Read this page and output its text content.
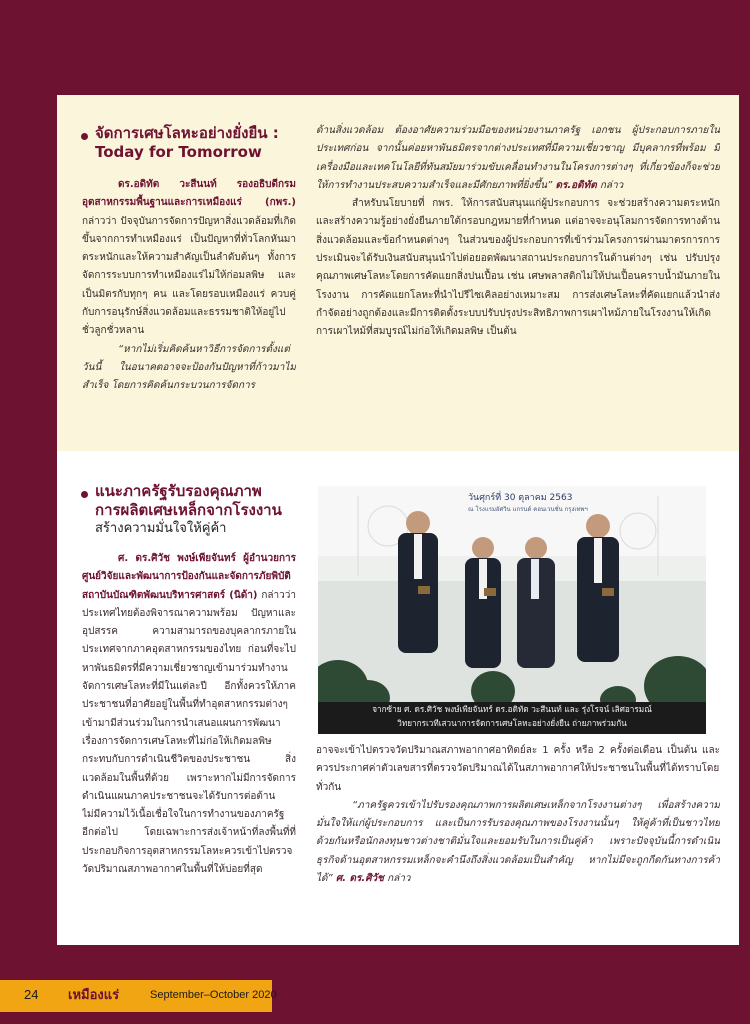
จัดการเศษโลหะอย่างยั่งยืน :
Today for Tomorrow

ดร.อดิทัต วะสีนนท์ รองอธิบดีกรมอุตสาหกรรมพื้นฐานและการเหมืองแร่ (กพร.) กล่าวว่า ปัจจุบันการจัดการปัญหาสิ่งแวดล้อมที่เกิดขึ้นจากการทำเหมืองแร่ เป็นปัญหาที่ทั่วโลกหันมาตระหนักและให้ความสำคัญเป็นลำดับต้นๆ ทั้งการจัดการระบบการทำเหมืองแร่ไม่ให้ก่อมลพิษ และเป็นมิตรกับทุกๆ คน และโดยรอบเหมืองแร่ ควบคู่กับการอนุรักษ์สิ่งแวดล้อมและธรรมชาติให้อยู่ไปชั่วลูกชั่วหลาน

“หากไม่เริ่มคิดค้นหาวิธีการจัดการตั้งแต่วันนี้ ในอนาคตอาจจะป้องกันปัญหาที่ก้าวมาไม่สำเร็จ โดยการคิดค้นกระบวนการจัดการ

ด้านสิ่งแวดล้อม ต้องอาศัยความร่วมมือของหน่วยงานภาครัฐ เอกชน ผู้ประกอบการภายในประเทศก่อน จากนั้นค่อยหาพันธมิตรจากต่างประเทศที่มีความเชี่ยวชาญ มีบุคลากรที่พร้อม มีเครื่องมือและเทคโนโลยีที่ทันสมัยมาร่วมขับเคลื่อนทำงานในโครงการต่างๆ ที่เกี่ยวข้องก็จะช่วยให้การทำงานประสบความสำเร็จและมีศักยภาพที่ยิ่งขึ้น” ดร.อดิทัต กล่าว

สำหรับนโยบายที่ กพร. ให้การสนับสนุนแก่ผู้ประกอบการ จะช่วยสร้างความตระหนักและสร้างความรู้อย่างยั่งยืนภายใต้กรอบกฎหมายที่กำหนด แต่อาจจะอนุโลมการจัดการทางด้านสิ่งแวดล้อมและข้อกำหนดต่างๆ ในส่วนของผู้ประกอบการที่เข้าร่วมโครงการผ่านมาตรการการประเมินจะได้รับเงินสนับสนุนนำไปต่อยอดพัฒนาสถานประกอบการในด้านต่างๆ เช่น ปรับปรุงคุณภาพเศษโลหะโดยการคัดแยกสิ่งปนเปื้อน เช่น เศษพลาสติกไม่ให้ปนเปื้อนคราบน้ำมันภายในโรงงาน การคัดแยกโลหะที่นำไปรีไซเคิลอย่างเหมาะสม การส่งเศษโลหะที่คัดแยกแล้วนำส่งกำจัดอย่างถูกต้องและมีการติดตั้งระบบปรับปรุงประสิทธิภาพการเผาไหม้ภายในโรงงานให้เกิดการเผาไหม้ที่สมบูรณ์ไม่ก่อให้เกิดมลพิษ เป็นต้น

แนะภาครัฐรับรองคุณภาพ
การผลิตเศษเหล็กจากโรงงาน
สร้างความมั่นใจให้คู่ค้า

ศ. ดร.ศิวัช พงษ์เพียจันทร์ ผู้อำนวยการศูนย์วิจัยและพัฒนาการป้องกันและจัดการภัยพิบัติ สถาบันบัณฑิตพัฒนบริหารศาสตร์ (นิด้า) กล่าวว่า ประเทศไทยต้องพิจารณาความพร้อม ปัญหาและอุปสรรค ความสามารถของบุคลากรภายในประเทศจากภาคอุตสาหกรรมของไทย ก่อนที่จะไปหาพันธมิตรที่มีความเชี่ยวชาญเข้ามาร่วมทำงานจัดการเศษโลหะที่มีในแต่ละปี อีกทั้งควรให้ภาคประชาชนที่อาศัยอยู่ในพื้นที่ทำอุตสาหกรรมต่างๆ เข้ามามีส่วนร่วมในการนำเสนอแผนการพัฒนาเรื่องการจัดการเศษโลหะที่ไม่ก่อให้เกิดมลพิษกระทบกับการดำเนินชีวิตของประชาชน สิ่งแวดล้อมในพื้นที่ด้วย เพราะหากไม่มีการจัดการดำเนินแผนภาคประชาชนจะได้รับการต่อต้าน ไม่มีความไว้เนื้อเชื่อใจในการทำงานของภาครัฐอีกต่อไป โดยเฉพาะการส่งเจ้าหน้าที่ลงพื้นที่ที่ประกอบกิจการอุตสาหกรรมโลหะควรเข้าไปตรวจวัดปริมาณสภาพอากาศในพื้นที่ให้บ่อยที่สุด

วันศุกร์ที่ 30 ตุลาคม 2563
ณ โรงแรมอัศวิน แกรนด์ คอนเวนชั่น กรุงเทพฯ
จากซ้าย ศ. ดร.ศิวัช พงษ์เพียจันทร์ ดร.อดิทัต วะสีนนท์ และ รุ่งโรจน์ เลิศอารมณ์
วิทยากรเวทีเสวนาการจัดการเศษโลหะอย่างยั่งยืน ถ่ายภาพร่วมกัน

อาจจะเข้าไปตรวจวัดปริมาณสภาพอากาศอาทิตย์ละ 1 ครั้ง หรือ 2 ครั้งต่อเดือน เป็นต้น และควรประกาศค่าตัวเลขสารที่ตรวจวัดปริมาณได้ในสภาพอากาศให้ประชาชนในพื้นที่ได้ทราบโดยทั่วกัน

“ภาครัฐควรเข้าไปรับรองคุณภาพการผลิตเศษเหล็กจากโรงงานต่างๆ เพื่อสร้างความมั่นใจให้แก่ผู้ประกอบการ และเป็นการรับรองคุณภาพของโรงงานนั้นๆ ให้คู่ค้าที่เป็นชาวไทยด้วยกันหรือนักลงทุนชาวต่างชาติมั่นใจและยอมรับในการเป็นคู่ค้า เพราะปัจจุบันนี้การดำเนินธุรกิจด้านอุตสาหกรรมเหล็กจะคำนึงถึงสิ่งแวดล้อมเป็นสำคัญ หากไม่มีจะถูกกีดกันทางการค้าได้” ศ. ดร.ศิวัช กล่าว

24 เหมืองแร่	September–October 2020
